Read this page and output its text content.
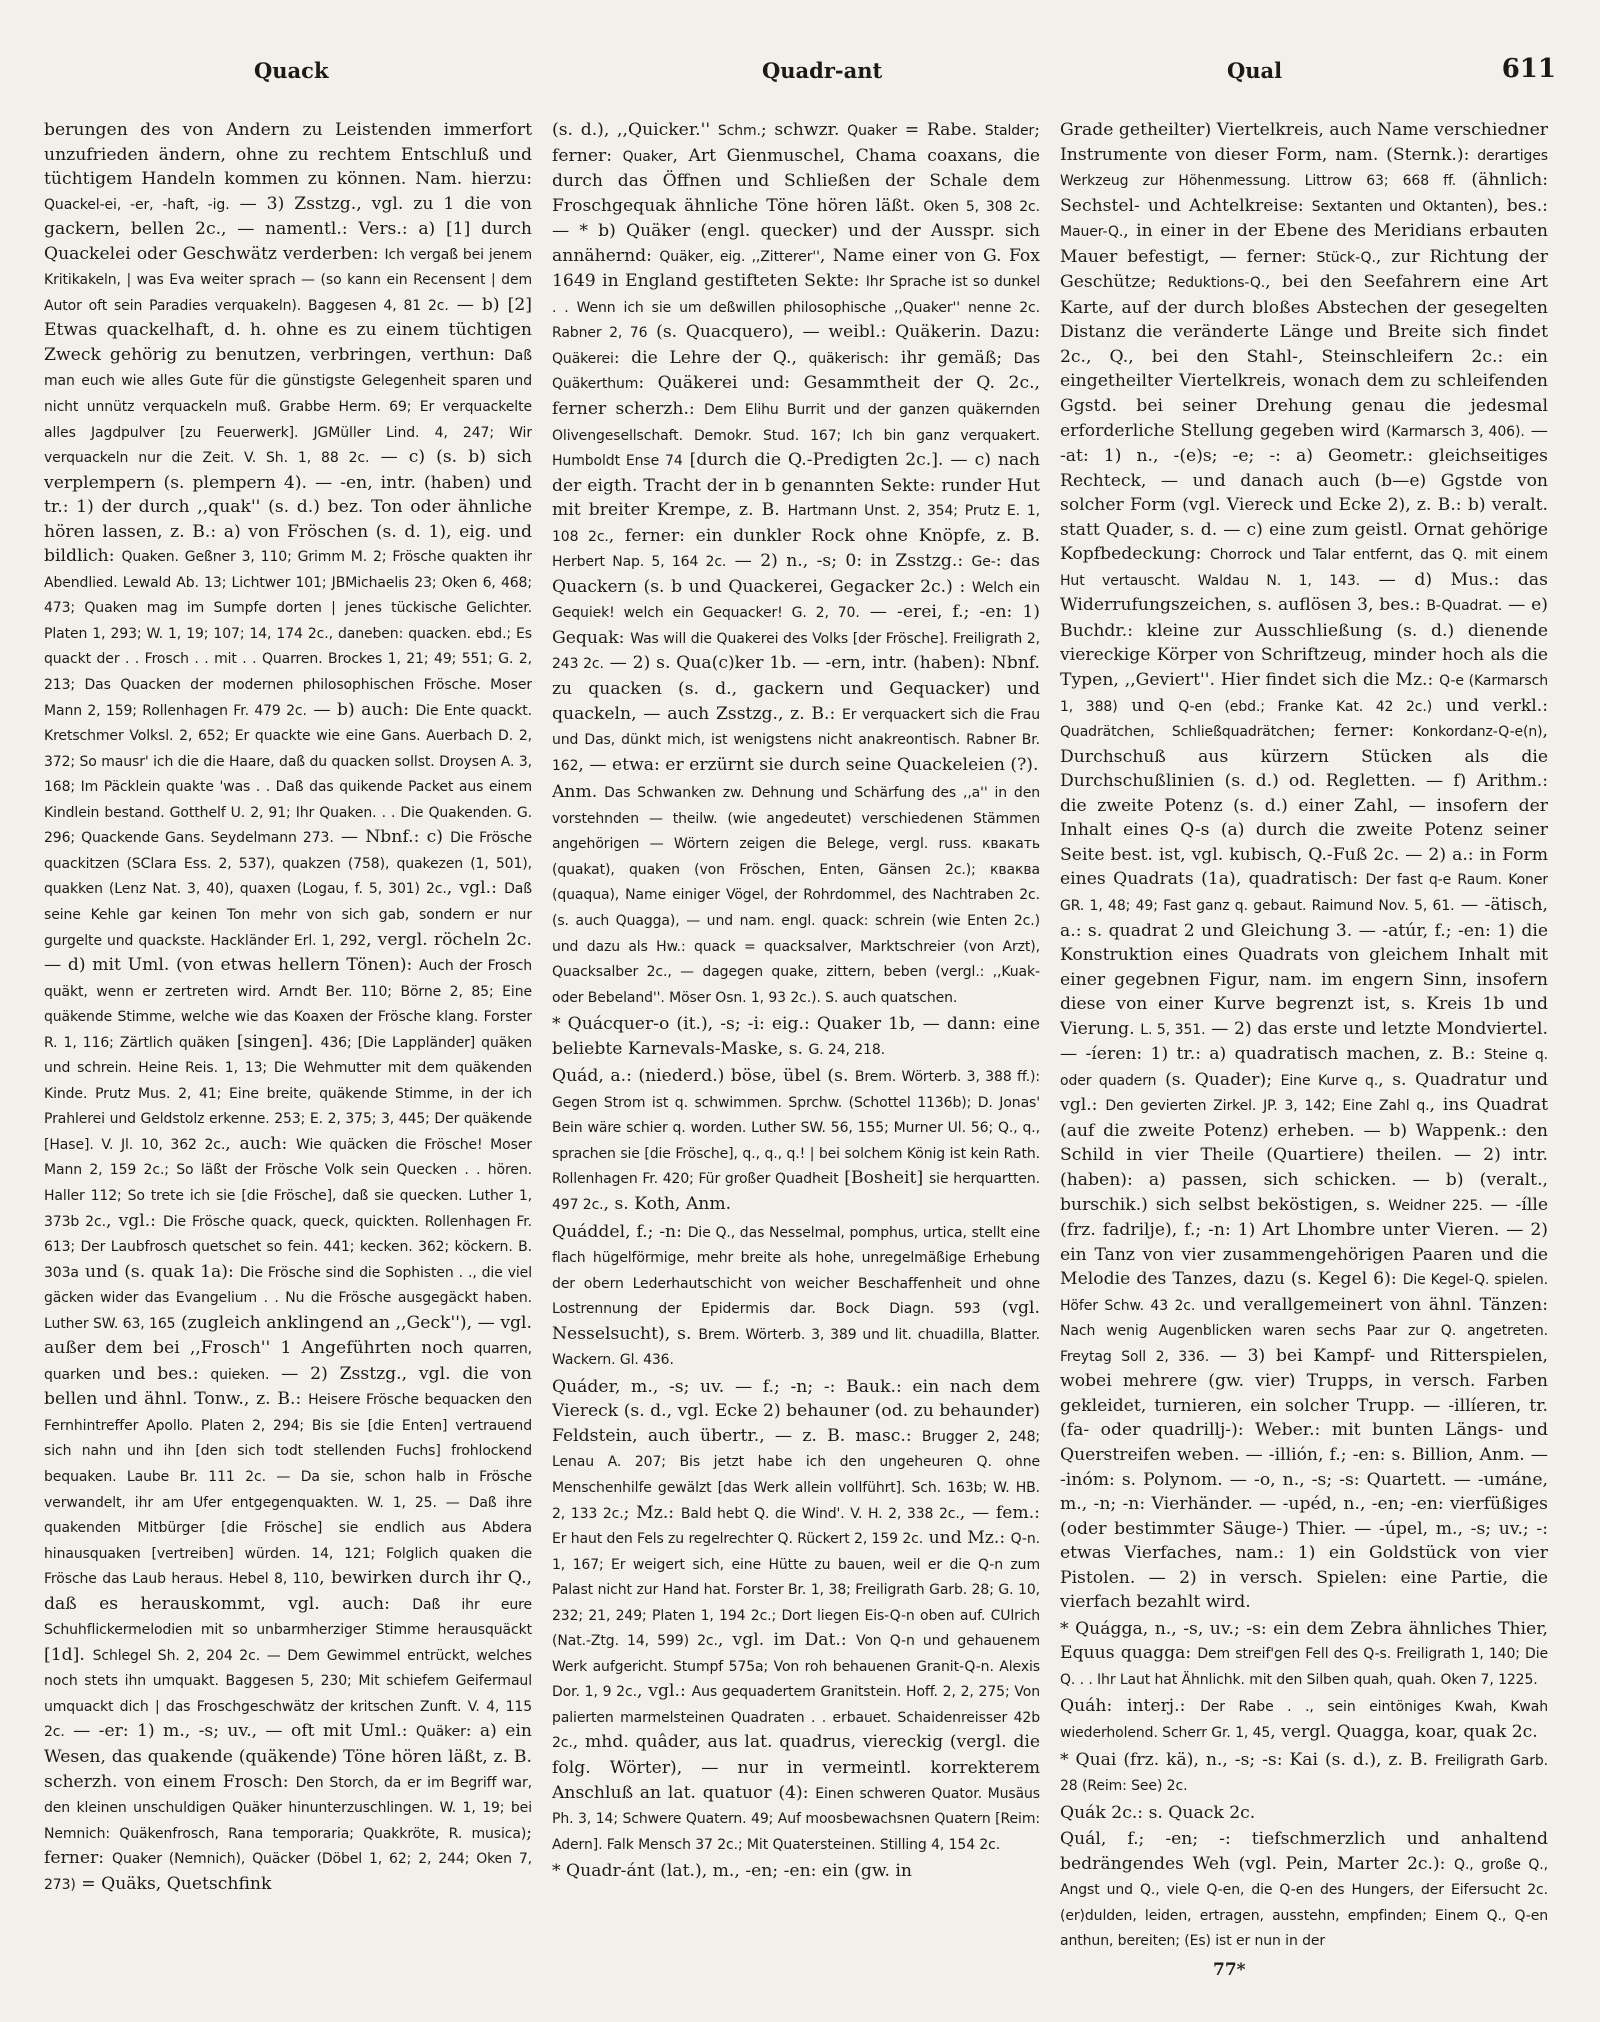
Quack	Quadr-ant	Qual	611

berungen des von Andern zu Leistenden immerfort unzufrieden ändern, ohne zu rechtem Entschluß und tüchtigem Handeln kommen zu können. Nam. hierzu: Quackel-ei, -er, -haft, -ig. — 3) Zsstzg., vgl. zu 1 die von gackern, bellen 2c., — namentl.: Vers.: a) [1] durch Quackelei oder Geschwätz verderben: Ich vergaß bei jenem Kritikakeln, | was Eva weiter sprach — (so kann ein Recensent | dem Autor oft sein Paradies verquakeln). Baggesen 4, 81 2c. — b) [2] Etwas quackelhaft, d. h. ohne es zu einem tüchtigen Zweck gehörig zu benutzen, verbringen, verthun: Daß man euch wie alles Gute für die günstigste Gelegenheit sparen und nicht unnütz verquackeln muß. Grabbe Herm. 69; Er verquackelte alles Jagdpulver [zu Feuerwerk]. JGMüller Lind. 4, 247; Wir verquackeln nur die Zeit. V. Sh. 1, 88 2c. — c) (s. b) sich verplempern (s. plempern 4). — -en, intr. (haben) und tr.: 1) der durch ,,quak'' (s. d.) bez. Ton oder ähnliche hören lassen, z. B.: a) von Fröschen (s. d. 1), eig. und bildlich: Quaken. Geßner 3, 110; Grimm M. 2; Frösche quakten ihr Abendlied. Lewald Ab. 13; Lichtwer 101; JBMichaelis 23; Oken 6, 468; 473; Quaken mag im Sumpfe dorten | jenes tückische Gelichter. Platen 1, 293; W. 1, 19; 107; 14, 174 2c., daneben: quacken. ebd.; Es quackt der . . Frosch . . mit . . Quarren. Brockes 1, 21; 49; 551; G. 2, 213; Das Quacken der modernen philosophischen Frösche. Moser Mann 2, 159; Rollenhagen Fr. 479 2c. — b) auch: Die Ente quackt. Kretschmer Volksl. 2, 652; Er quackte wie eine Gans. Auerbach D. 2, 372; So mausr' ich die die Haare, daß du quacken sollst. Droysen A. 3, 168; Im Päcklein quakte 'was . . Daß das quikende Packet aus einem Kindlein bestand. Gotthelf U. 2, 91; Ihr Quaken. . . Die Quakenden. G. 296; Quackende Gans. Seydelmann 273. — Nbnf.: c) Die Frösche quackitzen (SClara Ess. 2, 537), quakzen (758), quakezen (1, 501), quakken (Lenz Nat. 3, 40), quaxen (Logau, f. 5, 301) 2c., vgl.: Daß seine Kehle gar keinen Ton mehr von sich gab, sondern er nur gurgelte und quackste. Hackländer Erl. 1, 292, vergl. röcheln 2c. — d) mit Uml. (von etwas hellern Tönen): Auch der Frosch quäkt, wenn er zertreten wird. Arndt Ber. 110; Börne 2, 85; Eine quäkende Stimme, welche wie das Koaxen der Frösche klang. Forster R. 1, 116; Zärtlich quäken [singen]. 436; [Die Lappländer] quäken und schrein. Heine Reis. 1, 13; Die Wehmutter mit dem quäkenden Kinde. Prutz Mus. 2, 41; Eine breite, quäkende Stimme, in der ich Prahlerei und Geldstolz erkenne. 253; E. 2, 375; 3, 445; Der quäkende [Hase]. V. Jl. 10, 362 2c., auch: Wie quäcken die Frösche! Moser Mann 2, 159 2c.; So läßt der Frösche Volk sein Quecken . . hören. Haller 112; So trete ich sie [die Frösche], daß sie quecken. Luther 1, 373b 2c., vgl.: Die Frösche quack, queck, quickten. Rollenhagen Fr. 613; Der Laubfrosch quetschet so fein. 441; kecken. 362; köckern. B. 303a und (s. quak 1a): Die Frösche sind die Sophisten . ., die viel gäcken wider das Evangelium . . Nu die Frösche ausgegäckt haben. Luther SW. 63, 165 (zugleich anklingend an ,,Geck''), — vgl. außer dem bei ,,Frosch'' 1 Angeführten noch quarren, quarken und bes.: quieken. — 2) Zsstzg., vgl. die von bellen und ähnl. Tonw., z. B.: Heisere Frösche bequacken den Fernhintreffer Apollo. Platen 2, 294; Bis sie [die Enten] vertrauend sich nahn und ihn [den sich todt stellenden Fuchs] frohlockend bequaken. Laube Br. 111 2c. — Da sie, schon halb in Frösche verwandelt, ihr am Ufer entgegenquakten. W. 1, 25. — Daß ihre quakenden Mitbürger [die Frösche] sie endlich aus Abdera hinausquaken [vertreiben] würden. 14, 121; Folglich quaken die Frösche das Laub heraus. Hebel 8, 110, bewirken durch ihr Q., daß es herauskommt, vgl. auch: Daß ihr eure Schuhflickermelodien mit so unbarmherziger Stimme herausquäckt [1d]. Schlegel Sh. 2, 204 2c. — Dem Gewimmel entrückt, welches noch stets ihn umquakt. Baggesen 5, 230; Mit schiefem Geifermaul umquackt dich | das Froschgeschwätz der kritschen Zunft. V. 4, 115 2c. — -er: 1) m., -s; uv., — oft mit Uml.: Quäker: a) ein Wesen, das quakende (quäkende) Töne hören läßt, z. B. scherzh. von einem Frosch: Den Storch, da er im Begriff war, den kleinen unschuldigen Quäker hinunterzuschlingen. W. 1, 19; bei Nemnich: Quäkenfrosch, Rana temporaria; Quakkröte, R. musica); ferner: Quaker (Nemnich), Quäcker (Döbel 1, 62; 2, 244; Oken 7, 273) = Quäks, Quetschfink

(s. d.), ,,Quicker.'' Schm.; schwzr. Quaker = Rabe. Stalder; ferner: Quaker, Art Gienmuschel, Chama coaxans, die durch das Öffnen und Schließen der Schale dem Froschgequak ähnliche Töne hören läßt. Oken 5, 308 2c. — * b) Quäker (engl. quecker) und der Ausspr. sich annähernd: Quäker, eig. ,,Zitterer'', Name einer von G. Fox 1649 in England gestifteten Sekte: Ihr Sprache ist so dunkel . . Wenn ich sie um deßwillen philosophische ,,Quaker'' nenne 2c. Rabner 2, 76 (s. Quacquero), — weibl.: Quäkerin. Dazu: Quäkerei: die Lehre der Q., quäkerisch: ihr gemäß; Das Quäkerthum: Quäkerei und: Gesammtheit der Q. 2c., ferner scherzh.: Dem Elihu Burrit und der ganzen quäkernden Olivengesellschaft. Demokr. Stud. 167; Ich bin ganz verquakert. Humboldt Ense 74 [durch die Q.-Predigten 2c.]. — c) nach der eigth. Tracht der in b genannten Sekte: runder Hut mit breiter Krempe, z. B. Hartmann Unst. 2, 354; Prutz E. 1, 108 2c., ferner: ein dunkler Rock ohne Knöpfe, z. B. Herbert Nap. 5, 164 2c. — 2) n., -s; 0: in Zsstzg.: Ge-: das Quackern (s. b und Quackerei, Gegacker 2c.) : Welch ein Gequiek! welch ein Gequacker! G. 2, 70. — -erei, f.; -en: 1) Gequak: Was will die Quakerei des Volks [der Frösche]. Freiligrath 2, 243 2c. — 2) s. Qua(c)ker 1b. — -ern, intr. (haben): Nbnf. zu quacken (s. d., gackern und Gequacker) und quackeln, — auch Zsstzg., z. B.: Er verquackert sich die Frau und Das, dünkt mich, ist wenigstens nicht anakreontisch. Rabner Br. 162, — etwa: er erzürnt sie durch seine Quackeleien (?).

Anm. Das Schwanken zw. Dehnung und Schärfung des ,,a'' in den vorstehnden — theilw. (wie angedeutet) verschiedenen Stämmen angehörigen — Wörtern zeigen die Belege, vergl. russ. квакать (quakat), quaken (von Fröschen, Enten, Gänsen 2c.); кваква (quaqua), Name einiger Vögel, der Rohrdommel, des Nachtraben 2c. (s. auch Quagga), — und nam. engl. quack: schrein (wie Enten 2c.) und dazu als Hw.: quack = quacksalver, Marktschreier (von Arzt), Quacksalber 2c., — dagegen quake, zittern, beben (vergl.: ,,Kuak- oder Bebeland''. Möser Osn. 1, 93 2c.). S. auch quatschen.

* Quácquer-o (it.), -s; -i: eig.: Quaker 1b, — dann: eine beliebte Karnevals-Maske, s. G. 24, 218.

Quád, a.: (niederd.) böse, übel (s. Brem. Wörterb. 3, 388 ff.): Gegen Strom ist q. schwimmen. Sprchw. (Schottel 1136b); D. Jonas' Bein wäre schier q. worden. Luther SW. 56, 155; Murner Ul. 56; Q., q., sprachen sie [die Frösche], q., q., q.! | bei solchem König ist kein Rath. Rollenhagen Fr. 420; Für großer Quadheit [Bosheit] sie herquartten. 497 2c., s. Koth, Anm.

Quáddel, f.; -n: Die Q., das Nesselmal, pomphus, urtica, stellt eine flach hügelförmige, mehr breite als hohe, unregelmäßige Erhebung der obern Lederhautschicht von weicher Beschaffenheit und ohne Lostrennung der Epidermis dar. Bock Diagn. 593 (vgl. Nesselsucht), s. Brem. Wörterb. 3, 389 und lit. chuadilla, Blatter. Wackern. Gl. 436.

Quáder, m., -s; uv. — f.; -n; -: Bauk.: ein nach dem Viereck (s. d., vgl. Ecke 2) behauner (od. zu behaunder) Feldstein, auch übertr., — z. B. masc.: Brugger 2, 248; Lenau A. 207; Bis jetzt habe ich den ungeheuren Q. ohne Menschenhilfe gewälzt [das Werk allein vollführt]. Sch. 163b; W. HB. 2, 133 2c.; Mz.: Bald hebt Q. die Wind'. V. H. 2, 338 2c., — fem.: Er haut den Fels zu regelrechter Q. Rückert 2, 159 2c. und Mz.: Q-n. 1, 167; Er weigert sich, eine Hütte zu bauen, weil er die Q-n zum Palast nicht zur Hand hat. Forster Br. 1, 38; Freiligrath Garb. 28; G. 10, 232; 21, 249; Platen 1, 194 2c.; Dort liegen Eis-Q-n oben auf. CUlrich (Nat.-Ztg. 14, 599) 2c., vgl. im Dat.: Von Q-n und gehauenem Werk aufgericht. Stumpf 575a; Von roh behauenen Granit-Q-n. Alexis Dor. 1, 9 2c., vgl.: Aus gequadertem Granitstein. Hoff. 2, 2, 275; Von palierten marmelsteinen Quadraten . . erbauet. Schaidenreisser 42b 2c., mhd. quâder, aus lat. quadrus, viereckig (vergl. die folg. Wörter), — nur in vermeintl. korrekterem Anschluß an lat. quatuor (4): Einen schweren Quator. Musäus Ph. 3, 14; Schwere Quatern. 49; Auf moosbewachsnen Quatern [Reim: Adern]. Falk Mensch 37 2c.; Mit Quatersteinen. Stilling 4, 154 2c.

* Quadr-ánt (lat.), m., -en; -en: ein (gw. in

Grade getheilter) Viertelkreis, auch Name verschiedner Instrumente von dieser Form, nam. (Sternk.): derartiges Werkzeug zur Höhenmessung. Littrow 63; 668 ff. (ähnlich: Sechstel- und Achtelkreise: Sextanten und Oktanten), bes.: Mauer-Q., in einer in der Ebene des Meridians erbauten Mauer befestigt, — ferner: Stück-Q., zur Richtung der Geschütze; Reduktions-Q., bei den Seefahrern eine Art Karte, auf der durch bloßes Abstechen der gesegelten Distanz die veränderte Länge und Breite sich findet 2c., Q., bei den Stahl-, Steinschleifern 2c.: ein eingetheilter Viertelkreis, wonach dem zu schleifenden Ggstd. bei seiner Drehung genau die jedesmal erforderliche Stellung gegeben wird (Karmarsch 3, 406). — -at: 1) n., -(e)s; -e; -: a) Geometr.: gleichseitiges Rechteck, — und danach auch (b—e) Ggstde von solcher Form (vgl. Viereck und Ecke 2), z. B.: b) veralt. statt Quader, s. d. — c) eine zum geistl. Ornat gehörige Kopfbedeckung: Chorrock und Talar entfernt, das Q. mit einem Hut vertauscht. Waldau N. 1, 143. — d) Mus.: das Widerrufungszeichen, s. auflösen 3, bes.: B-Quadrat. — e) Buchdr.: kleine zur Ausschließung (s. d.) dienende viereckige Körper von Schriftzeug, minder hoch als die Typen, ,,Geviert''. Hier findet sich die Mz.: Q-e (Karmarsch 1, 388) und Q-en (ebd.; Franke Kat. 42 2c.) und verkl.: Quadrätchen, Schließquadrätchen; ferner: Konkordanz-Q-e(n), Durchschuß aus kürzern Stücken als die Durchschußlinien (s. d.) od. Regletten. — f) Arithm.: die zweite Potenz (s. d.) einer Zahl, — insofern der Inhalt eines Q-s (a) durch die zweite Potenz seiner Seite best. ist, vgl. kubisch, Q.-Fuß 2c. — 2) a.: in Form eines Quadrats (1a), quadratisch: Der fast q-e Raum. Koner GR. 1, 48; 49; Fast ganz q. gebaut. Raimund Nov. 5, 61. — -ätisch, a.: s. quadrat 2 und Gleichung 3. — -atúr, f.; -en: 1) die Konstruktion eines Quadrats von gleichem Inhalt mit einer gegebnen Figur, nam. im engern Sinn, insofern diese von einer Kurve begrenzt ist, s. Kreis 1b und Vierung. L. 5, 351. — 2) das erste und letzte Mondviertel. — -íeren: 1) tr.: a) quadratisch machen, z. B.: Steine q. oder quadern (s. Quader); Eine Kurve q., s. Quadratur und vgl.: Den gevierten Zirkel. JP. 3, 142; Eine Zahl q., ins Quadrat (auf die zweite Potenz) erheben. — b) Wappenk.: den Schild in vier Theile (Quartiere) theilen. — 2) intr. (haben): a) passen, sich schicken. — b) (veralt., burschik.) sich selbst beköstigen, s. Weidner 225. — -ílle (frz. fadrilje), f.; -n: 1) Art Lhombre unter Vieren. — 2) ein Tanz von vier zusammengehörigen Paaren und die Melodie des Tanzes, dazu (s. Kegel 6): Die Kegel-Q. spielen. Höfer Schw. 43 2c. und verallgemeinert von ähnl. Tänzen: Nach wenig Augenblicken waren sechs Paar zur Q. angetreten. Freytag Soll 2, 336. — 3) bei Kampf- und Ritterspielen, wobei mehrere (gw. vier) Trupps, in versch. Farben gekleidet, turnieren, ein solcher Trupp. — -illíeren, tr. (fa- oder quadrillj-): Weber.: mit bunten Längs- und Querstreifen weben. — -illión, f.; -en: s. Billion, Anm. — -inóm: s. Polynom. — -o, n., -s; -s: Quartett. — -umáne, m., -n; -n: Vierhänder. — -upéd, n., -en; -en: vierfüßiges (oder bestimmter Säuge-) Thier. — -úpel, m., -s; uv.; -: etwas Vierfaches, nam.: 1) ein Goldstück von vier Pistolen. — 2) in versch. Spielen: eine Partie, die vierfach bezahlt wird.

* Quágga, n., -s, uv.; -s: ein dem Zebra ähnliches Thier, Equus quagga: Dem streif'gen Fell des Q-s. Freiligrath 1, 140; Die Q. . . Ihr Laut hat Ähnlichk. mit den Silben quah, quah. Oken 7, 1225.

Quáh: interj.: Der Rabe . ., sein eintöniges Kwah, Kwah wiederholend. Scherr Gr. 1, 45, vergl. Quagga, koar, quak 2c.

* Quai (frz. kä), n., -s; -s: Kai (s. d.), z. B. Freiligrath Garb. 28 (Reim: See) 2c.

Quák 2c.: s. Quack 2c.

Quál, f.; -en; -: tiefschmerzlich und anhaltend bedrängendes Weh (vgl. Pein, Marter 2c.): Q., große Q., Angst und Q., viele Q-en, die Q-en des Hungers, der Eifersucht 2c. (er)dulden, leiden, ertragen, ausstehn, empfinden; Einem Q., Q-en anthun, bereiten; (Es) ist er nun in der

77*
